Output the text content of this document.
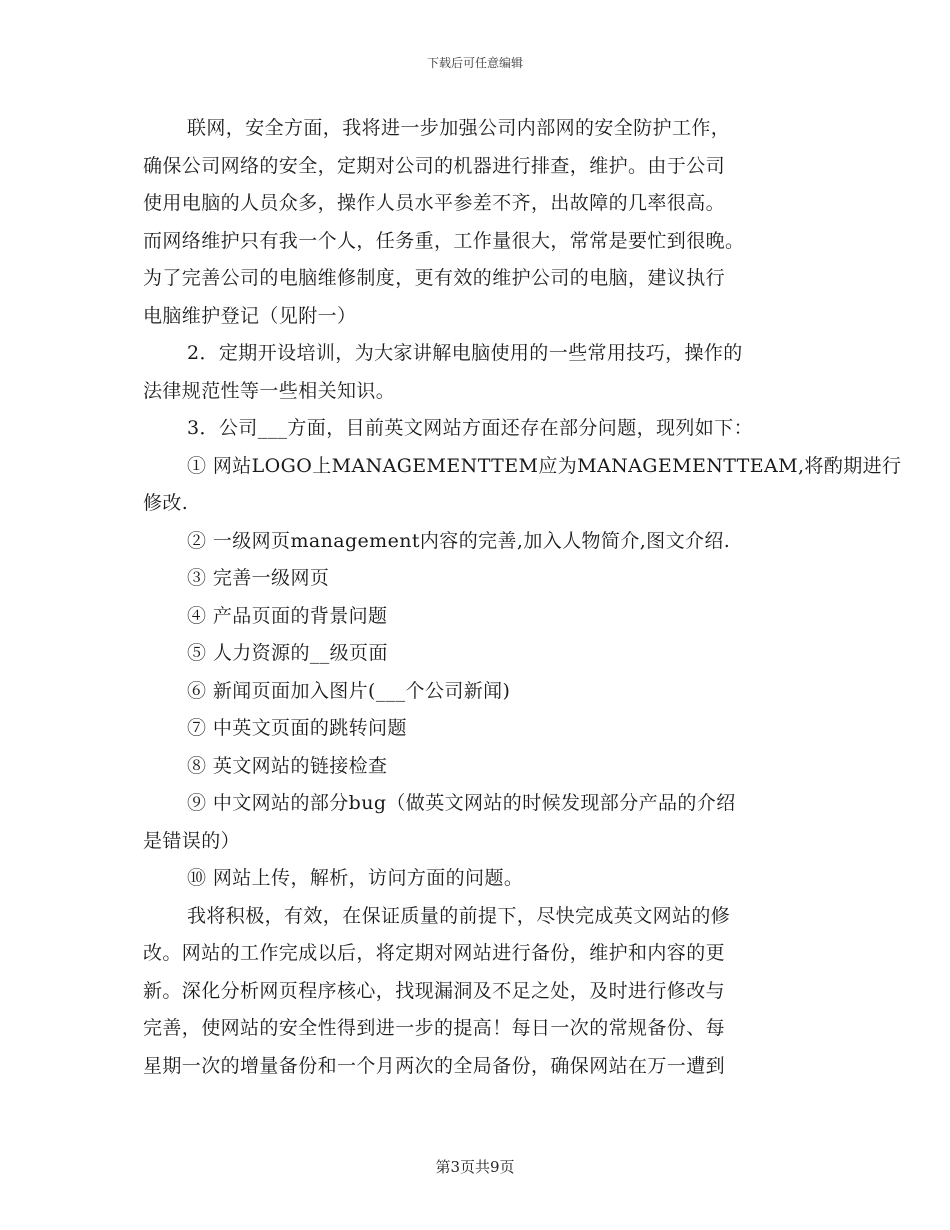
下载后可任意编辑
联网，安全方面，我将进一步加强公司内部网的安全防护工作，
确保公司网络的安全，定期对公司的机器进行排查，维护。由于公司
使用电脑的人员众多，操作人员水平参差不齐，出故障的几率很高。
而网络维护只有我一个人，任务重，工作量很大，常常是要忙到很晚。
为了完善公司的电脑维修制度，更有效的维护公司的电脑，建议执行
电脑维护登记（见附一）
2．定期开设培训，为大家讲解电脑使用的一些常用技巧，操作的
法律规范性等一些相关知识。
3．公司___方面，目前英文网站方面还存在部分问题，现列如下：
① 网站LOGO上MANAGEMENTTEM应为MANAGEMENTTEAM,将酌期进行
修改.
② 一级网页management内容的完善,加入人物简介,图文介绍.
③ 完善一级网页
④ 产品页面的背景问题
⑤ 人力资源的__级页面
⑥ 新闻页面加入图片(___个公司新闻)
⑦ 中英文页面的跳转问题
⑧ 英文网站的链接检查
⑨ 中文网站的部分bug（做英文网站的时候发现部分产品的介绍
是错误的）
⑩ 网站上传，解析，访问方面的问题。
我将积极，有效，在保证质量的前提下，尽快完成英文网站的修
改。网站的工作完成以后，将定期对网站进行备份，维护和内容的更
新。深化分析网页程序核心，找现漏洞及不足之处，及时进行修改与
完善，使网站的安全性得到进一步的提高！每日一次的常规备份、每
星期一次的增量备份和一个月两次的全局备份，确保网站在万一遭到
第3页共9页
